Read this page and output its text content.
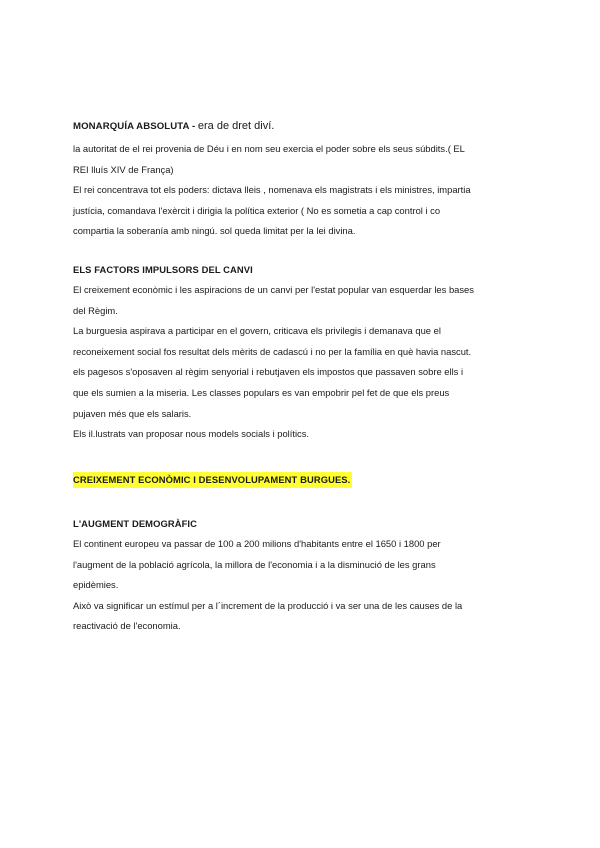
MONARQUÍA ABSOLUTA - era de dret diví.
la autoritat de el rei provenia de Déu i en nom seu exercia el poder sobre els seus súbdits.( EL
REI lluís XIV de França)
El rei concentrava tot els poders: dictava lleis , nomenava els magistrats i els ministres, impartia
justícia, comandava l'exèrcit i dirigia la política exterior ( No es sometia a cap control i co
compartia la soberanía amb ningú. sol queda limitat per la lei divina.
ELS FACTORS IMPULSORS DEL CANVI
El creixement econòmic i les aspiracions de un canvi per l'estat popular van esquerdar les bases
del Règim.
La burguesia aspirava a participar en el govern, criticava els privilegis i demanava que el
reconeixement social fos resultat dels mèrits de cadascú i no per la família en què havia nascut.
els pagesos s'oposaven al règim senyorial i rebutjaven els impostos que passaven sobre ells i
que els sumien a la miseria. Les classes populars es van empobrir pel fet de que els preus
pujaven més que els salaris.
Els il.lustrats van proposar nous models socials i polítics.
CREIXEMENT ECONÒMIC I DESENVOLUPAMENT BURGUES.
L'AUGMENT DEMOGRÀFIC
El continent europeu va passar de 100 a 200 milions d'habitants entre el 1650 i 1800 per
l'augment de la població agrícola, la millora de l'economia i a la disminució de les grans
epidèmies.
Això va significar un estímul per a l´increment de la producció i va ser una de les causes de la
reactivació de l'economia.
